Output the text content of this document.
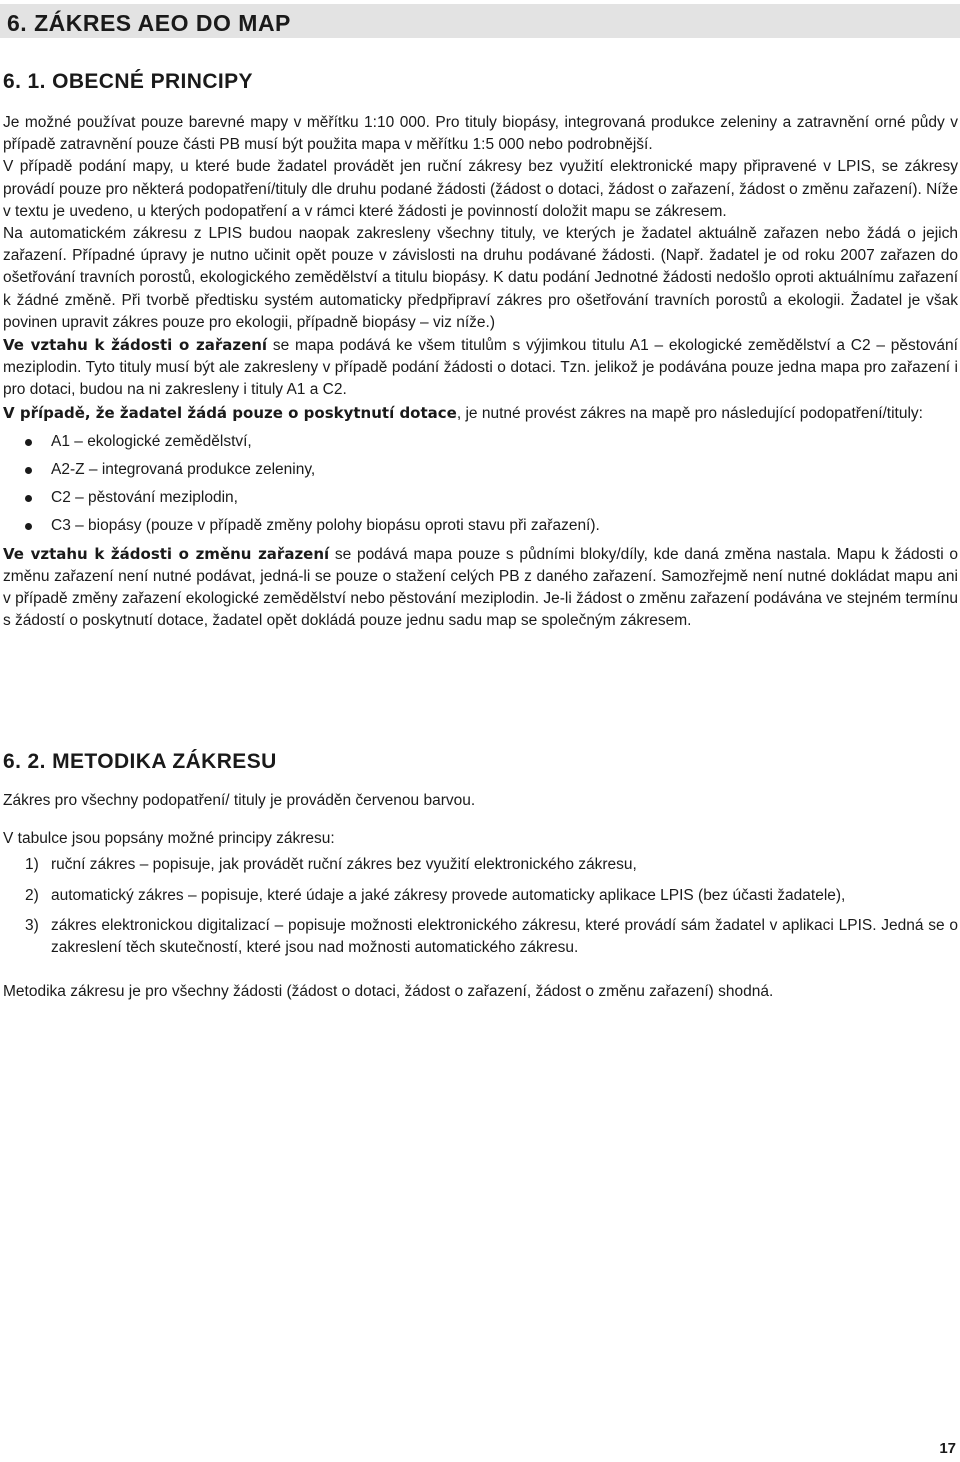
6. ZÁKRES AEO DO MAP
6. 1. OBECNÉ PRINCIPY

Je možné používat pouze barevné mapy v měřítku 1:10 000. Pro tituly biopásy, integrovaná produkce zeleniny a zatravnění orné půdy v případě zatravnění pouze části PB musí být použita mapa v měřítku 1:5 000 nebo podrobnější.

V případě podání mapy, u které bude žadatel provádět jen ruční zákresy bez využití elektronické mapy připravené v LPIS, se zákresy provádí pouze pro některá podopatření/tituly dle druhu podané žádosti (žádost o dotaci, žádost o zařazení, žádost o změnu zařazení). Níže v textu je uvedeno, u kterých podopatření a v rámci které žádosti je povinností doložit mapu se zákresem.

Na automatickém zákresu z LPIS budou naopak zakresleny všechny tituly, ve kterých je žadatel aktuálně zařazen nebo žádá o jejich zařazení. Případné úpravy je nutno učinit opět pouze v závislosti na druhu podávané žádosti. (Např. žadatel je od roku 2007 zařazen do ošetřování travních porostů, ekologického zemědělství a titulu biopásy. K datu podání Jednotné žádosti nedošlo oproti aktuálnímu zařazení k žádné změně. Při tvorbě předtisku systém automaticky předpřipraví zákres pro ošetřování travních porostů a ekologii. Žadatel je však povinen upravit zákres pouze pro ekologii, případně biopásy – viz níže.)

Ve vztahu k žádosti o zařazení se mapa podává ke všem titulům s výjimkou titulu A1 – ekologické zemědělství a C2 – pěstování meziplodin. Tyto tituly musí být ale zakresleny v případě podání žádosti o dotaci. Tzn. jelikož je podávána pouze jedna mapa pro zařazení i pro dotaci, budou na ni zakresleny i tituly A1 a C2.

V případě, že žadatel žádá pouze o poskytnutí dotace, je nutné provést zákres na mapě pro následující podopatření/tituly:

A1 – ekologické zemědělství,
A2-Z – integrovaná produkce zeleniny,
C2 – pěstování meziplodin,
C3 – biopásy (pouze v případě změny polohy biopásu oproti stavu při zařazení).

Ve vztahu k žádosti o změnu zařazení se podává mapa pouze s půdními bloky/díly, kde daná změna nastala. Mapu k žádosti o změnu zařazení není nutné podávat, jedná-li se pouze o stažení celých PB z daného zařazení. Samozřejmě není nutné dokládat mapu ani v případě změny zařazení ekologické zemědělství nebo pěstování meziplodin. Je-li žádost o změnu zařazení podávána ve stejném termínu s žádostí o poskytnutí dotace, žadatel opět dokládá pouze jednu sadu map se společným zákresem.

6. 2. METODIKA ZÁKRESU

Zákres pro všechny podopatření/ tituly je prováděn červenou barvou.

V tabulce jsou popsány možné principy zákresu:

1) ruční zákres – popisuje, jak provádět ruční zákres bez využití elektronického zákresu,
2) automatický zákres – popisuje, které údaje a jaké zákresy provede automaticky aplikace LPIS (bez účasti žadatele),
3) zákres elektronickou digitalizací – popisuje možnosti elektronického zákresu, které provádí sám žadatel v aplikaci LPIS. Jedná se o zakreslení těch skutečností, které jsou nad možnosti automatického zákresu.

Metodika zákresu je pro všechny žádosti (žádost o dotaci, žádost o zařazení, žádost o změnu zařazení) shodná.

17
